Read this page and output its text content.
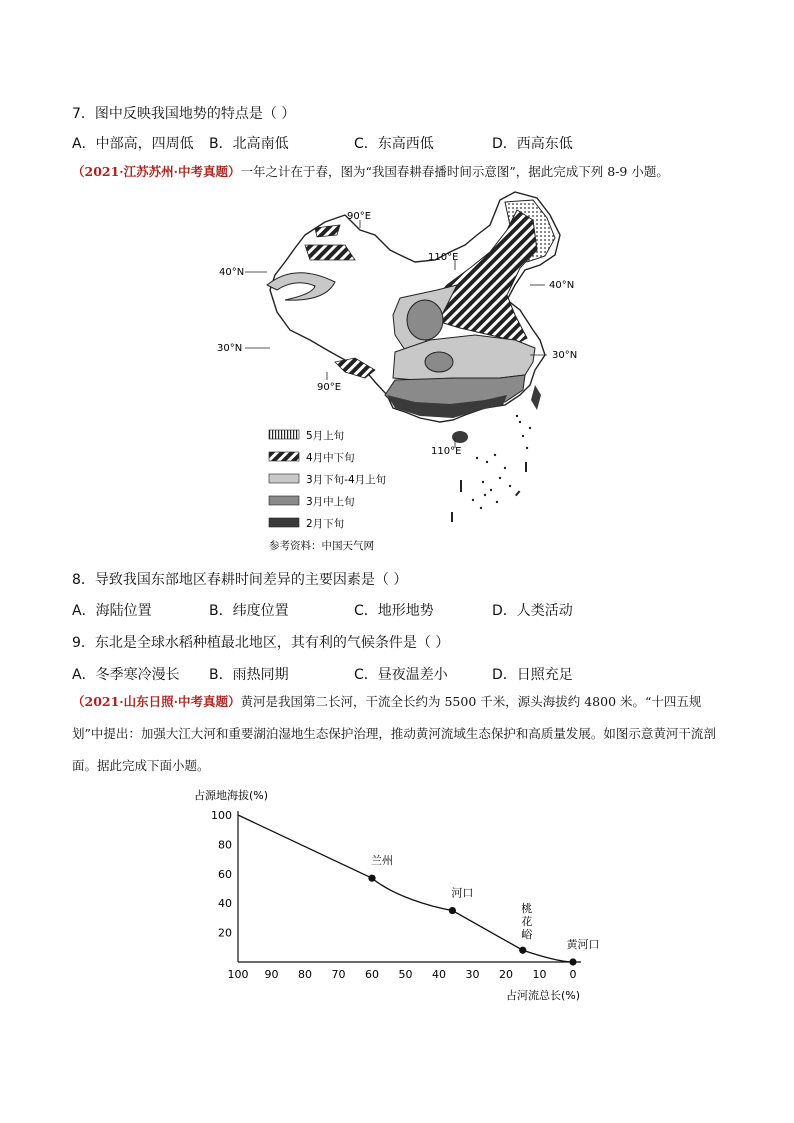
7．图中反映我国地势的特点是（ ）
A．中部高，四周低 B．北高南低	C．东高西低	D．西高东低
（2021·江苏苏州·中考真题）一年之计在于春，图为“我国春耕春播时间示意图”，据此完成下列 8-9 小题。
90°E
110°E
40°N
40°N
30°N
30°N
90°E
110°E
5月上旬
4月中下旬
3月下旬-4月上旬
3月中上旬
2月下旬
参考资料：中国天气网
8．导致我国东部地区春耕时间差异的主要因素是（ ）
A．海陆位置	B．纬度位置	C．地形地势	D．人类活动
9．东北是全球水稻种植最北地区，其有利的气候条件是（ ）
A．冬季寒冷漫长 B．雨热同期	C．昼夜温差小	D．日照充足
（2021·山东日照·中考真题）黄河是我国第二长河，干流全长约为 5500 千米，源头海拔约 4800 米。“十四五规划”中提出：加强大江大河和重要湖泊湿地生态保护治理，推动黄河流域生态保护和高质量发展。如图示意黄河干流剖面。据此完成下面小题。
占源地海拔(%)
占河流总长(%)
100 90 80 70 60 50 40 30 20 10 0
100
80
60
40
20
兰州
河口
桃
花
峪
黄河口
